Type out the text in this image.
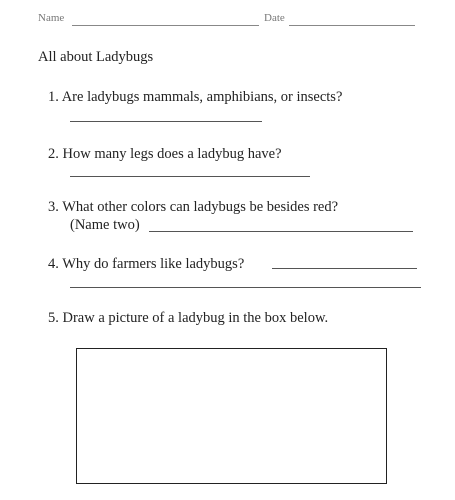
Name	Date
All about Ladybugs
1. Are ladybugs mammals, amphibians, or insects?
2. How many legs does a ladybug have?
3. What other colors can ladybugs be besides red?
(Name two)
4. Why do farmers like ladybugs?
5. Draw a picture of a ladybug in the box below.
